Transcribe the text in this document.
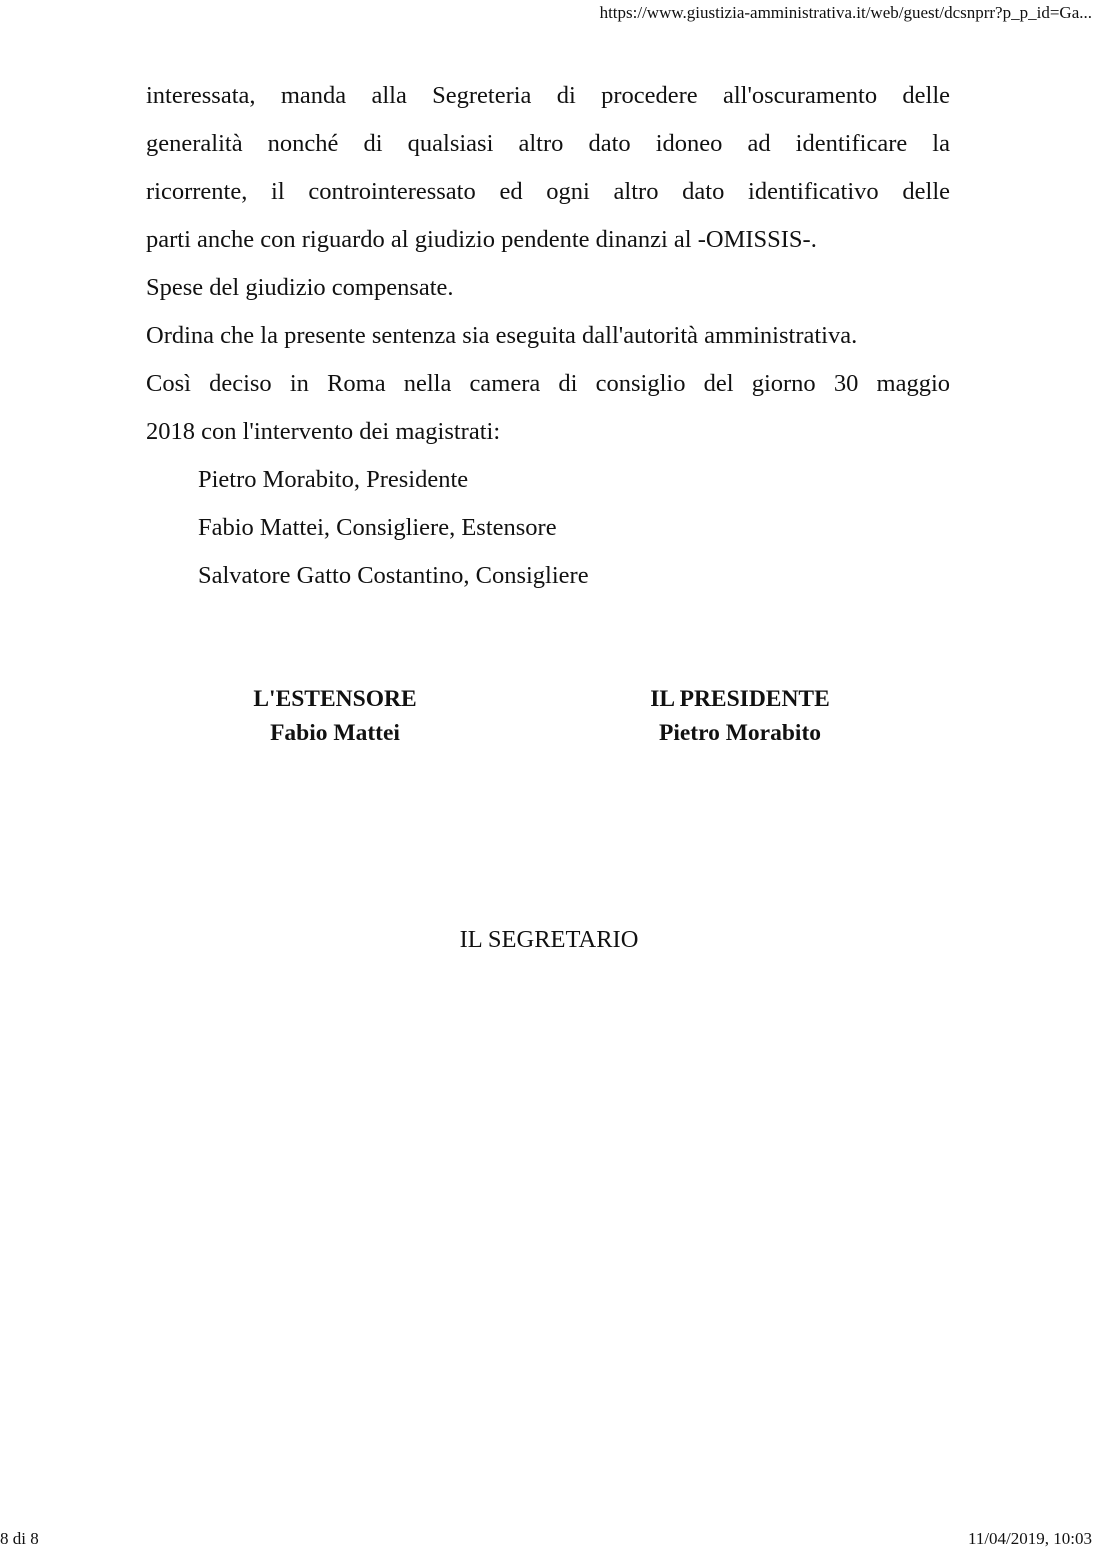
https://www.giustizia-amministrativa.it/web/guest/dcsnprr?p_p_id=Ga...
interessata, manda alla Segreteria di procedere all'oscuramento delle
generalità nonché di qualsiasi altro dato idoneo ad identificare la
ricorrente, il controinteressato ed ogni altro dato identificativo delle
parti anche con riguardo al giudizio pendente dinanzi al -OMISSIS-.
Spese del giudizio compensate.
Ordina che la presente sentenza sia eseguita dall'autorità amministrativa.
Così deciso in Roma nella camera di consiglio del giorno 30 maggio
2018 con l'intervento dei magistrati:
Pietro Morabito, Presidente
Fabio Mattei, Consigliere, Estensore
Salvatore Gatto Costantino, Consigliere
L'ESTENSORE
Fabio Mattei
IL PRESIDENTE
Pietro Morabito
IL SEGRETARIO
8 di 8	11/04/2019, 10:03
